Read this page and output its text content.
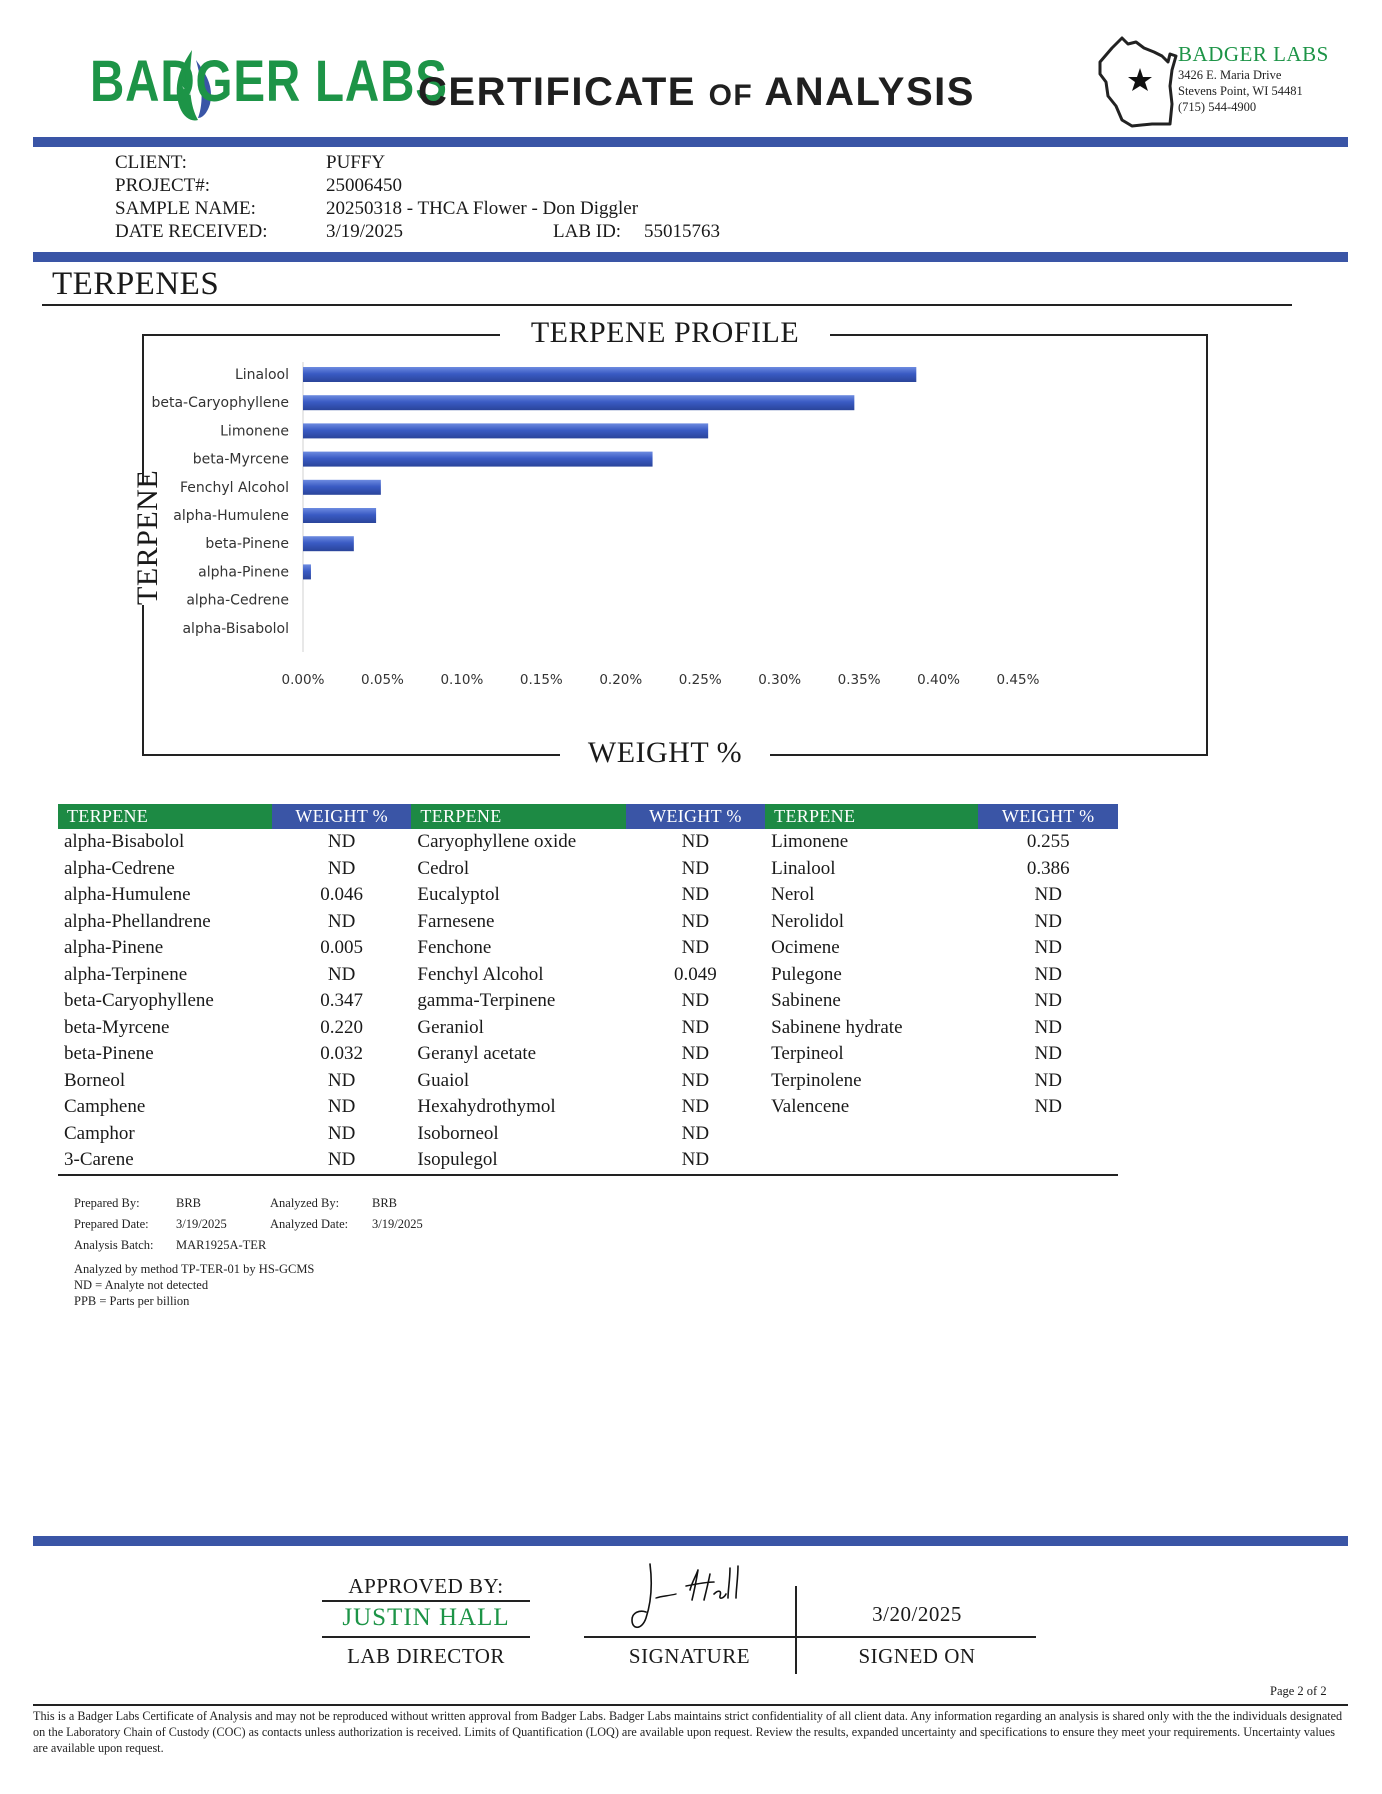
BADGER LABS
CERTIFICATE OF ANALYSIS
BADGER LABS
3426 E. Maria Drive
Stevens Point, WI 54481
(715) 544-4900
CLIENT:	PUFFY
PROJECT#:	25006450
SAMPLE NAME:	20250318 - THCA Flower - Don Diggler
DATE RECEIVED:	3/19/2025	LAB ID: 55015763
TERPENES
TERPENE PROFILE
WEIGHT %
TERPENE
Linalool
beta-Caryophyllene
Limonene
beta-Myrcene
Fenchyl Alcohol
alpha-Humulene
beta-Pinene
alpha-Pinene
alpha-Cedrene
alpha-Bisabolol
0.00%	0.05%	0.10%	0.15%	0.20%	0.25%	0.30%	0.35%	0.40%	0.45%
TERPENE	WEIGHT %	TERPENE	WEIGHT %	TERPENE	WEIGHT %
alpha-Bisabolol	ND	Caryophyllene oxide	ND	Limonene	0.255
alpha-Cedrene	ND	Cedrol	ND	Linalool	0.386
alpha-Humulene	0.046	Eucalyptol	ND	Nerol	ND
alpha-Phellandrene	ND	Farnesene	ND	Nerolidol	ND
alpha-Pinene	0.005	Fenchone	ND	Ocimene	ND
alpha-Terpinene	ND	Fenchyl Alcohol	0.049	Pulegone	ND
beta-Caryophyllene	0.347	gamma-Terpinene	ND	Sabinene	ND
beta-Myrcene	0.220	Geraniol	ND	Sabinene hydrate	ND
beta-Pinene	0.032	Geranyl acetate	ND	Terpineol	ND
Borneol	ND	Guaiol	ND	Terpinolene	ND
Camphene	ND	Hexahydrothymol	ND	Valencene	ND
Camphor	ND	Isoborneol	ND		
3-Carene	ND	Isopulegol	ND		
Prepared By:	BRB	Analyzed By:	BRB
Prepared Date: 3/19/2025	Analyzed Date: 3/19/2025
Analysis Batch: MAR1925A-TER
Analyzed by method TP-TER-01 by HS-GCMS
ND = Analyte not detected
PPB = Parts per billion
APPROVED BY:
JUSTIN HALL
LAB DIRECTOR	SIGNATURE
3/20/2025
SIGNED ON
Page 2 of 2
This is a Badger Labs Certificate of Analysis and may not be reproduced without written approval from Badger Labs. Badger Labs maintains strict confidentiality of all client data. Any information regarding an analysis is shared only with the the individuals designated on the Laboratory Chain of Custody (COC) as contacts unless authorization is received. Limits of Quantification (LOQ) are available upon request. Review the results, expanded uncertainty and specifications to ensure they meet your requirements. Uncertainty values are available upon request.
